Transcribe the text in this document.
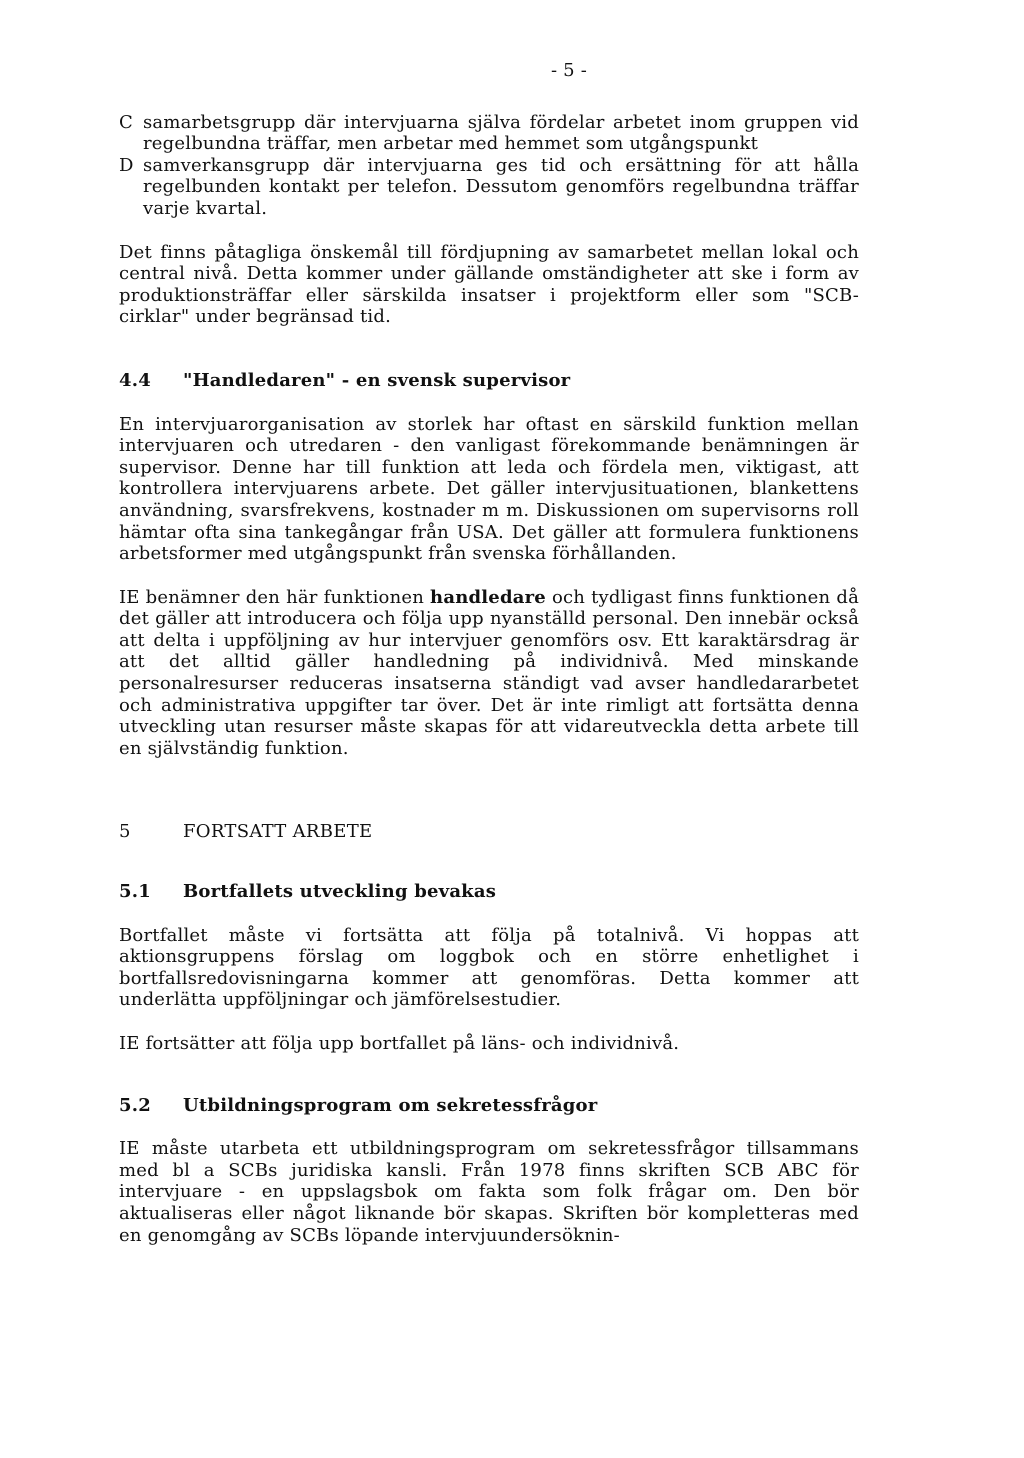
- 5 -
C samarbetsgrupp där intervjuarna själva fördelar arbetet inom gruppen vid regelbundna träffar, men arbetar med hemmet som utgångspunkt

D samverkansgrupp där intervjuarna ges tid och ersättning för att hålla regelbunden kontakt per telefon. Dessutom genomförs regelbundna träffar varje kvartal.

Det finns påtagliga önskemål till fördjupning av samarbetet mellan lokal och central nivå. Detta kommer under gällande omständigheter att ske i form av produktionsträffar eller särskilda insatser i projektform eller som "SCB-cirklar" under begränsad tid.

4.4	"Handledaren" - en svensk supervisor

En intervjuarorganisation av storlek har oftast en särskild funktion mellan intervjuaren och utredaren - den vanligast förekommande benämningen är supervisor. Denne har till funktion att leda och fördela men, viktigast, att kontrollera intervjuarens arbete. Det gäller intervjusituationen, blankettens användning, svarsfrekvens, kostnader m m. Diskussionen om supervisorns roll hämtar ofta sina tankegångar från USA. Det gäller att formulera funktionens arbetsformer med utgångspunkt från svenska förhållanden.

IE benämner den här funktionen handledare och tydligast finns funktionen då det gäller att introducera och följa upp nyanställd personal. Den innebär också att delta i uppföljning av hur intervjuer genomförs osv. Ett karaktärsdrag är att det alltid gäller handledning på individnivå. Med minskande personalresurser reduceras insatserna ständigt vad avser handledararbetet och administrativa uppgifter tar över. Det är inte rimligt att fortsätta denna utveckling utan resurser måste skapas för att vidareutveckla detta arbete till en självständig funktion.

5	FORTSATT ARBETE
5.1	Bortfallets utveckling bevakas

Bortfallet måste vi fortsätta att följa på totalnivå. Vi hoppas att aktionsgruppens förslag om loggbok och en större enhetlighet i bortfallsredovisningarna kommer att genomföras. Detta kommer att underlätta uppföljningar och jämförelsestudier.

IE fortsätter att följa upp bortfallet på läns- och individnivå.

5.2	Utbildningsprogram om sekretessfrågor

IE måste utarbeta ett utbildningsprogram om sekretessfrågor tillsammans med bl a SCBs juridiska kansli. Från 1978 finns skriften SCB ABC för intervjuare - en uppslagsbok om fakta som folk frågar om. Den bör aktualiseras eller något liknande bör skapas. Skriften bör kompletteras med en genomgång av SCBs löpande intervjuundersöknin-
